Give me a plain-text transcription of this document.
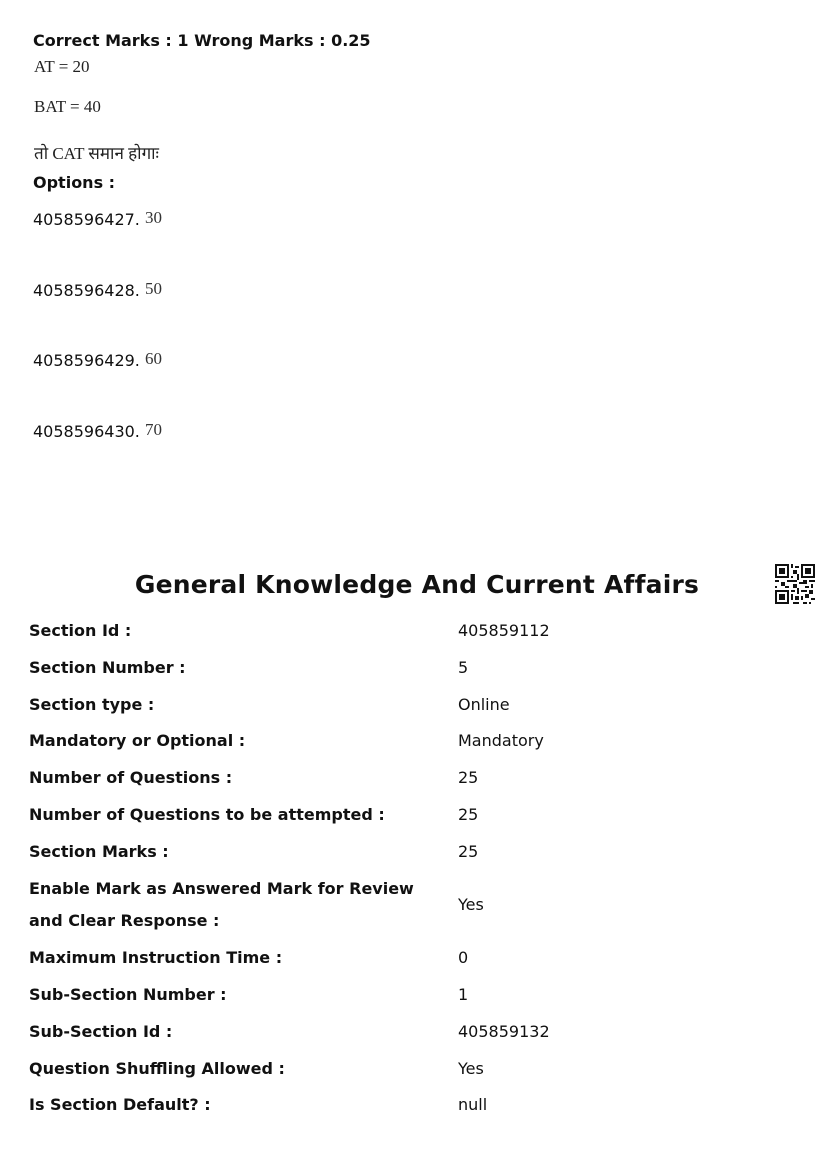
Correct Marks : 1 Wrong Marks : 0.25
AT = 20
BAT = 40
तो CAT समान होगाः
Options :
4058596427. 30
4058596428. 50
4058596429. 60
4058596430. 70
General Knowledge And Current Affairs
Section Id :	405859112
Section Number :	5
Section type :	Online
Mandatory or Optional :	Mandatory
Number of Questions :	25
Number of Questions to be attempted :	25
Section Marks :	25
Enable Mark as Answered Mark for Review and Clear Response :
Yes
Maximum Instruction Time :	0
Sub-Section Number :	1
Sub-Section Id :	405859132
Question Shuffling Allowed :	Yes
Is Section Default? :	null
